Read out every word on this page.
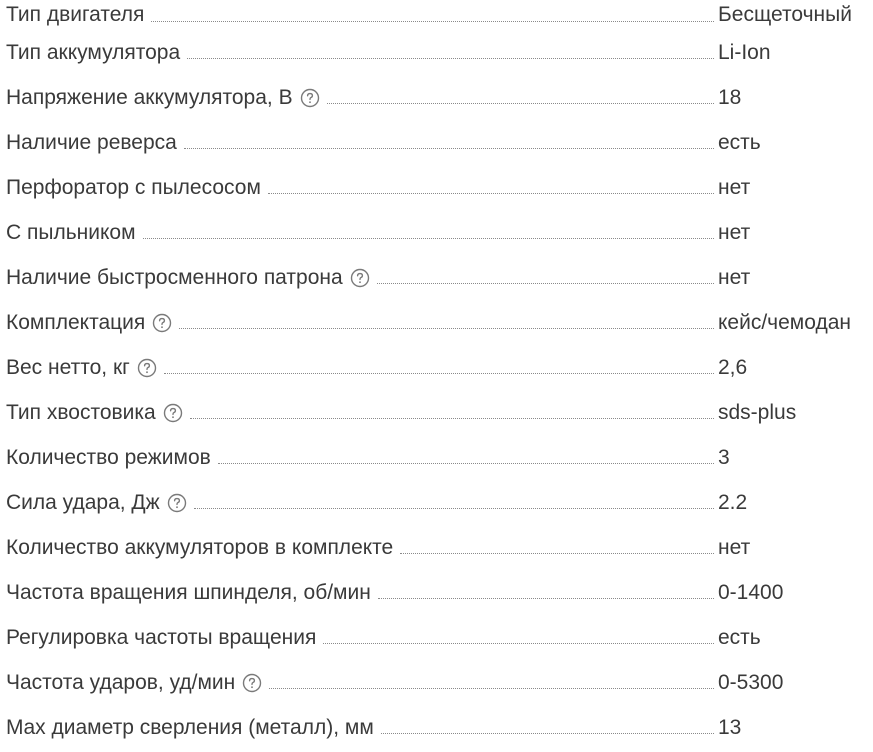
Тип двигателя	Бесщеточный
Тип аккумулятора	Li-Ion
Напряжение аккумулятора, В	18
Наличие реверса	есть
Перфоратор с пылесосом	нет
С пыльником	нет
Наличие быстросменного патрона	нет
Комплектация	кейс/чемодан
Вес нетто, кг	2,6
Тип хвостовика	sds-plus
Количество режимов	3
Сила удара, Дж	2.2
Количество аккумуляторов в комплекте	нет
Частота вращения шпинделя, об/мин	0-1400
Регулировка частоты вращения	есть
Частота ударов, уд/мин	0-5300
Max диаметр сверления (металл), мм	13
